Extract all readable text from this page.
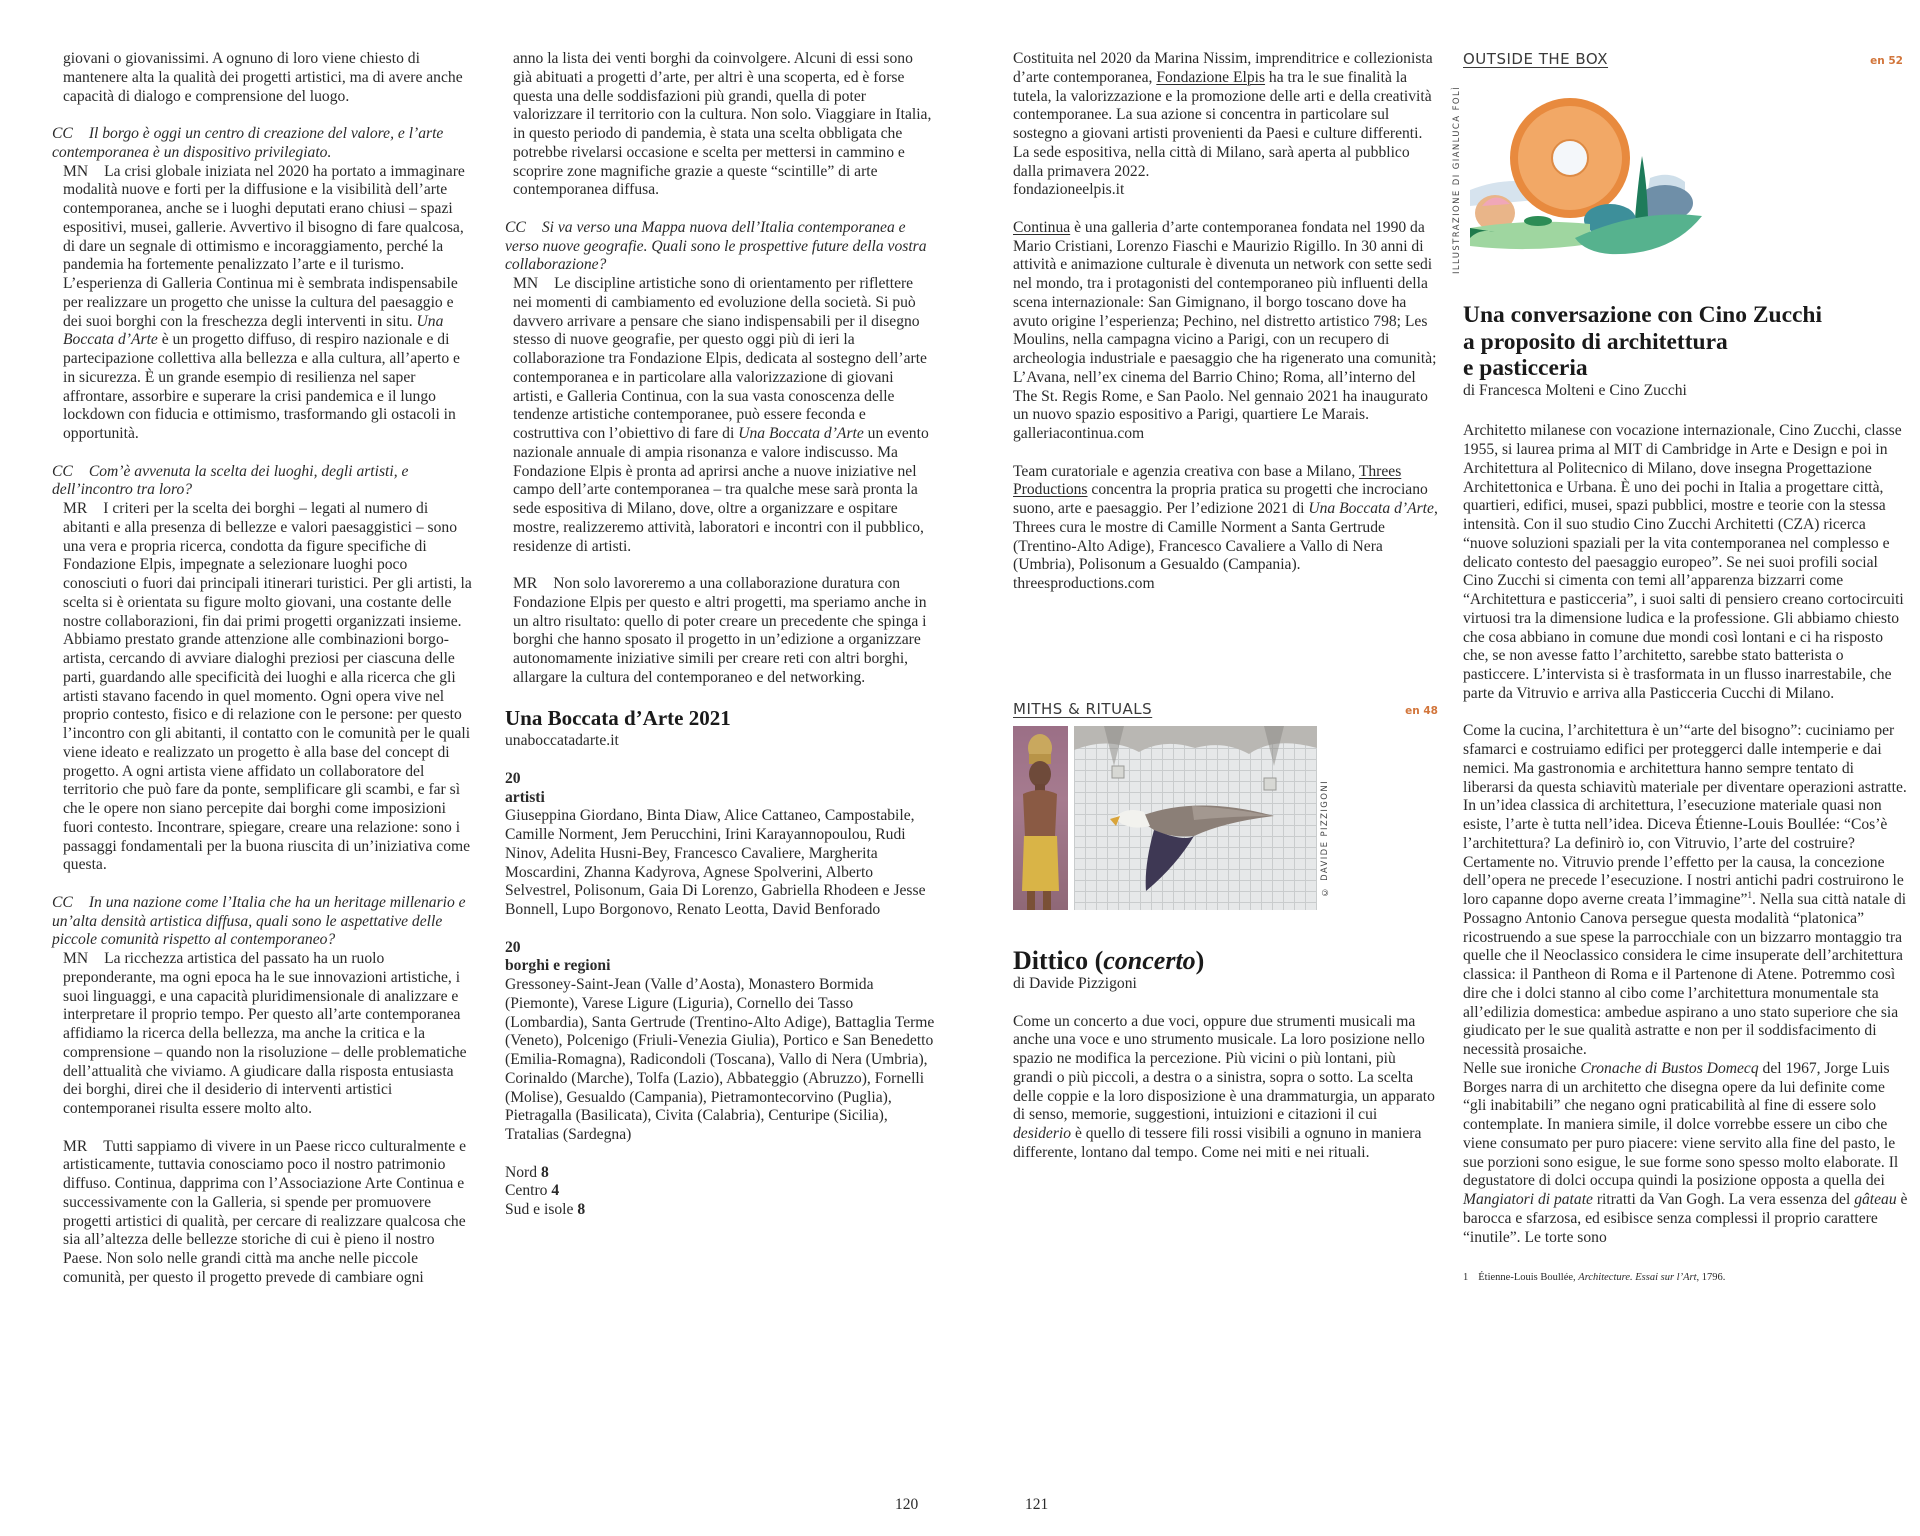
giovani o giovanissimi. A ognuno di loro viene chiesto di mantenere alta la qualità dei progetti artistici, ma di avere anche capacità di dialogo e comprensione del luogo.

CC Il borgo è oggi un centro di creazione del valore, e l’arte contemporanea è un dispositivo privilegiato.

MN La crisi globale iniziata nel 2020 ha portato a immaginare modalità nuove e forti per la diffusione e la visibilità dell’arte contemporanea, anche se i luoghi deputati erano chiusi – spazi espositivi, musei, gallerie. Avvertivo il bisogno di fare qualcosa, di dare un segnale di ottimismo e incoraggiamento, perché la pandemia ha fortemente penalizzato l’arte e il turismo. L’esperienza di Galleria Continua mi è sembrata indispensabile per realizzare un progetto che unisse la cultura del paesaggio e dei suoi borghi con la freschezza degli interventi in situ. Una Boccata d’Arte è un progetto diffuso, di respiro nazionale e di partecipazione collettiva alla bellezza e alla cultura, all’aperto e in sicurezza. È un grande esempio di resilienza nel saper affrontare, assorbire e superare la crisi pandemica e il lungo lockdown con fiducia e ottimismo, trasformando gli ostacoli in opportunità.

CC Com’è avvenuta la scelta dei luoghi, degli artisti, e dell’incontro tra loro?

MR I criteri per la scelta dei borghi – legati al numero di abitanti e alla presenza di bellezze e valori paesaggistici – sono una vera e propria ricerca, condotta da figure specifiche di Fondazione Elpis, impegnate a selezionare luoghi poco conosciuti o fuori dai principali itinerari turistici. Per gli artisti, la scelta si è orientata su figure molto giovani, una costante delle nostre collaborazioni, fin dai primi progetti organizzati insieme.

Abbiamo prestato grande attenzione alle combinazioni borgo-artista, cercando di avviare dialoghi preziosi per ciascuna delle parti, guardando alle specificità dei luoghi e alla ricerca che gli artisti stavano facendo in quel momento. Ogni opera vive nel proprio contesto, fisico e di relazione con le persone: per questo l’incontro con gli abitanti, il contatto con le comunità per le quali viene ideato e realizzato un progetto è alla base del concept di progetto. A ogni artista viene affidato un collaboratore del territorio che può fare da ponte, semplificare gli scambi, e far sì che le opere non siano percepite dai borghi come imposizioni fuori contesto. Incontrare, spiegare, creare una relazione: sono i passaggi fondamentali per la buona riuscita di un’iniziativa come questa.

CC In una nazione come l’Italia che ha un heritage millenario e un’alta densità artistica diffusa, quali sono le aspettative delle piccole comunità rispetto al contemporaneo?

MN La ricchezza artistica del passato ha un ruolo preponderante, ma ogni epoca ha le sue innovazioni artistiche, i suoi linguaggi, e una capacità pluridimensionale di analizzare e interpretare il proprio tempo. Per questo all’arte contemporanea affidiamo la ricerca della bellezza, ma anche la critica e la comprensione – quando non la risoluzione – delle problematiche dell’attualità che viviamo. A giudicare dalla risposta entusiasta dei borghi, direi che il desiderio di interventi artistici contemporanei risulta essere molto alto.

MR Tutti sappiamo di vivere in un Paese ricco culturalmente e artisticamente, tuttavia conosciamo poco il nostro patrimonio diffuso. Continua, dapprima con l’Associazione Arte Continua e successivamente con la Galleria, si spende per promuovere progetti artistici di qualità, per cercare di realizzare qualcosa che sia all’altezza delle bellezze storiche di cui è pieno il nostro Paese. Non solo nelle grandi città ma anche nelle piccole comunità, per questo il progetto prevede di cambiare ogni

anno la lista dei venti borghi da coinvolgere. Alcuni di essi sono già abituati a progetti d’arte, per altri è una scoperta, ed è forse questa una delle soddisfazioni più grandi, quella di poter valorizzare il territorio con la cultura. Non solo. Viaggiare in Italia, in questo periodo di pandemia, è stata una scelta obbligata che potrebbe rivelarsi occasione e scelta per mettersi in cammino e scoprire zone magnifiche grazie a queste “scintille” di arte contemporanea diffusa.

CC Si va verso una Mappa nuova dell’Italia contemporanea e verso nuove geografie. Quali sono le prospettive future della vostra collaborazione?

MN Le discipline artistiche sono di orientamento per riflettere nei momenti di cambiamento ed evoluzione della società. Si può davvero arrivare a pensare che siano indispensabili per il disegno stesso di nuove geografie, per questo oggi più di ieri la collaborazione tra Fondazione Elpis, dedicata al sostegno dell’arte contemporanea e in particolare alla valorizzazione di giovani artisti, e Galleria Continua, con la sua vasta conoscenza delle tendenze artistiche contemporanee, può essere feconda e costruttiva con l’obiettivo di fare di Una Boccata d’Arte un evento nazionale annuale di ampia risonanza e valore indiscusso. Ma Fondazione Elpis è pronta ad aprirsi anche a nuove iniziative nel campo dell’arte contemporanea – tra qualche mese sarà pronta la sede espositiva di Milano, dove, oltre a organizzare e ospitare mostre, realizzeremo attività, laboratori e incontri con il pubblico, residenze di artisti.

MR Non solo lavoreremo a una collaborazione duratura con Fondazione Elpis per questo e altri progetti, ma speriamo anche in un altro risultato: quello di poter creare un precedente che spinga i borghi che hanno sposato il progetto in un’edizione a organizzare autonomamente iniziative simili per creare reti con altri borghi, allargare la cultura del contemporaneo e del networking.

Una Boccata d’Arte 2021

unaboccatadarte.it

20

artisti

Giuseppina Giordano, Binta Diaw, Alice Cattaneo, Campostabile, Camille Norment, Jem Perucchini, Irini Karayannopoulou, Rudi Ninov, Adelita Husni-Bey, Francesco Cavaliere, Margherita Moscardini, Zhanna Kadyrova, Agnese Spolverini, Alberto Selvestrel, Polisonum, Gaia Di Lorenzo, Gabriella Rhodeen e Jesse Bonnell, Lupo Borgonovo, Renato Leotta, David Benforado

20

borghi e regioni

Gressoney-Saint-Jean (Valle d’Aosta), Monastero Bormida (Piemonte), Varese Ligure (Liguria), Cornello dei Tasso (Lombardia), Santa Gertrude (Trentino-Alto Adige), Battaglia Terme (Veneto), Polcenigo (Friuli-Venezia Giulia), Portico e San Benedetto (Emilia-Romagna), Radicondoli (Toscana), Vallo di Nera (Umbria), Corinaldo (Marche), Tolfa (Lazio), Abbateggio (Abruzzo), Fornelli (Molise), Gesualdo (Campania), Pietramontecorvino (Puglia), Pietragalla (Basilicata), Civita (Calabria), Centuripe (Sicilia), Tratalias (Sardegna)

Nord 8

Centro 4

Sud e isole 8

Costituita nel 2020 da Marina Nissim, imprenditrice e collezionista d’arte contemporanea, Fondazione Elpis ha tra le sue finalità la tutela, la valorizzazione e la promozione delle arti e della creatività contemporanee. La sua azione si concentra in particolare sul sostegno a giovani artisti provenienti da Paesi e culture differenti. La sede espositiva, nella città di Milano, sarà aperta al pubblico dalla primavera 2022.

fondazioneelpis.it

Continua è una galleria d’arte contemporanea fondata nel 1990 da Mario Cristiani, Lorenzo Fiaschi e Maurizio Rigillo. In 30 anni di attività e animazione culturale è divenuta un network con sette sedi nel mondo, tra i protagonisti del contemporaneo più influenti della scena internazionale: San Gimignano, il borgo toscano dove ha avuto origine l’esperienza; Pechino, nel distretto artistico 798; Les Moulins, nella campagna vicino a Parigi, con un recupero di archeologia industriale e paesaggio che ha rigenerato una comunità; L’Avana, nell’ex cinema del Barrio Chino; Roma, all’interno del The St. Regis Rome, e San Paolo. Nel gennaio 2021 ha inaugurato un nuovo spazio espositivo a Parigi, quartiere Le Marais.

galleriacontinua.com

Team curatoriale e agenzia creativa con base a Milano, Threes Productions concentra la propria pratica su progetti che incrociano suono, arte e paesaggio. Per l’edizione 2021 di Una Boccata d’Arte, Threes cura le mostre di Camille Norment a Santa Gertrude (Trentino-Alto Adige), Francesco Cavaliere a Vallo di Nera (Umbria), Polisonum a Gesualdo (Campania).

threesproductions.com

MITHS & RITUALS	en 48
© DAVIDE PIZZIGONI

Dittico (concerto)

di Davide Pizzigoni

Come un concerto a due voci, oppure due strumenti musicali ma anche una voce e uno strumento musicale. La loro posizione nello spazio ne modifica la percezione. Più vicini o più lontani, più grandi o più piccoli, a destra o a sinistra, sopra o sotto. La scelta delle coppie e la loro disposizione è una drammaturgia, un apparato di senso, memorie, suggestioni, intuizioni e citazioni il cui desiderio è quello di tessere fili rossi visibili a ognuno in maniera differente, lontano dal tempo. Come nei miti e nei rituali.

OUTSIDE THE BOX	en 52
ILLUSTRAZIONE DI GIANLUCA FOLÌ

Una conversazione con Cino Zucchi
a proposito di architettura
e pasticceria

di Francesca Molteni e Cino Zucchi

Architetto milanese con vocazione internazionale, Cino Zucchi, classe 1955, si laurea prima al MIT di Cambridge in Arte e Design e poi in Architettura al Politecnico di Milano, dove insegna Progettazione Architettonica e Urbana. È uno dei pochi in Italia a progettare città, quartieri, edifici, musei, spazi pubblici, mostre e teorie con la stessa intensità. Con il suo studio Cino Zucchi Architetti (CZA) ricerca “nuove soluzioni spaziali per la vita contemporanea nel complesso e delicato contesto del paesaggio europeo”. Se nei suoi profili social Cino Zucchi si cimenta con temi all’apparenza bizzarri come “Architettura e pasticceria”, i suoi salti di pensiero creano cortocircuiti virtuosi tra la dimensione ludica e la professione. Gli abbiamo chiesto che cosa abbiano in comune due mondi così lontani e ci ha risposto che, se non avesse fatto l’architetto, sarebbe stato batterista o pasticcere. L’intervista si è trasformata in un flusso inarrestabile, che parte da Vitruvio e arriva alla Pasticceria Cucchi di Milano.

Come la cucina, l’architettura è un’“arte del bisogno”: cuciniamo per sfamarci e costruiamo edifici per proteggerci dalle intemperie e dai nemici. Ma gastronomia e architettura hanno sempre tentato di liberarsi da questa schiavitù materiale per diventare operazioni astratte. In un’idea classica di architettura, l’esecuzione materiale quasi non esiste, l’arte è tutta nell’idea. Diceva Étienne-Louis Boullée: “Cos’è l’architettura? La definirò io, con Vitruvio, l’arte del costruire? Certamente no. Vitruvio prende l’effetto per la causa, la concezione dell’opera ne precede l’esecuzione. I nostri antichi padri costruirono le loro capanne dopo averne creata l’immagine”$^1$. Nella sua città natale di Possagno Antonio Canova persegue questa modalità “platonica” ricostruendo a sue spese la parrocchiale con un bizzarro montaggio tra quelle che il Neoclassico considera le cime insuperate dell’architettura classica: il Pantheon di Roma e il Partenone di Atene. Potremmo così dire che i dolci stanno al cibo come l’architettura monumentale sta all’edilizia domestica: ambedue aspirano a uno stato superiore che sia giudicato per le sue qualità astratte e non per il soddisfacimento di necessità prosaiche.

Nelle sue ironiche Cronache di Bustos Domecq del 1967, Jorge Luis Borges narra di un architetto che disegna opere da lui definite come “gli inabitabili” che negano ogni praticabilità al fine di essere solo contemplate. In maniera simile, il dolce vorrebbe essere un cibo che viene consumato per puro piacere: viene servito alla fine del pasto, le sue porzioni sono esigue, le sue forme sono spesso molto elaborate. Il degustatore di dolci occupa quindi la posizione opposta a quella dei Mangiatori di patate ritratti da Van Gogh. La vera essenza del gâteau è barocca e sfarzosa, ed esibisce senza complessi il proprio carattere “inutile”. Le torte sono

1 Étienne-Louis Boullée, Architecture. Essai sur l’Art, 1796.

120	121
